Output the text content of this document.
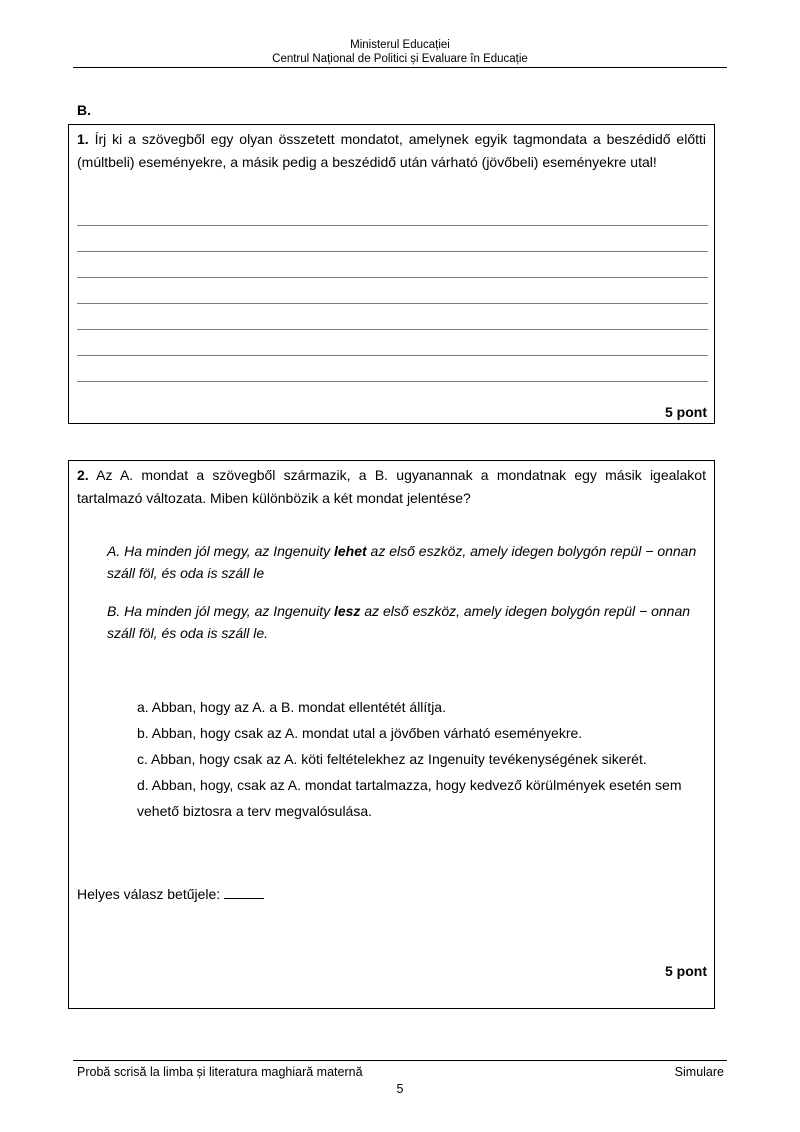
Ministerul Educației
Centrul Național de Politici și Evaluare în Educație
B.
1. Írj ki a szövegből egy olyan összetett mondatot, amelynek egyik tagmondata a beszédidő előtti (múltbeli) eseményekre, a másik pedig a beszédidő után várható (jövőbeli) eseményekre utal!
5 pont
2. Az A. mondat a szövegből származik, a B. ugyanannak a mondatnak egy másik igealakot tartalmazó változata. Miben különbözik a két mondat jelentése?
A. Ha minden jól megy, az Ingenuity lehet az első eszköz, amely idegen bolygón repül − onnan száll föl, és oda is száll le
B. Ha minden jól megy, az Ingenuity lesz az első eszköz, amely idegen bolygón repül − onnan száll föl, és oda is száll le.
a. Abban, hogy az A. a B. mondat ellentétét állítja.
b. Abban, hogy csak az A. mondat utal a jövőben várható eseményekre.
c. Abban, hogy csak az A. köti feltételekhez az Ingenuity tevékenységének sikerét.
d. Abban, hogy, csak az A. mondat tartalmazza, hogy kedvező körülmények esetén sem vehető biztosra a terv megvalósulása.
Helyes válasz betűjele:
5 pont
Probă scrisă la limba și literatura maghiară maternă	Simulare
5
